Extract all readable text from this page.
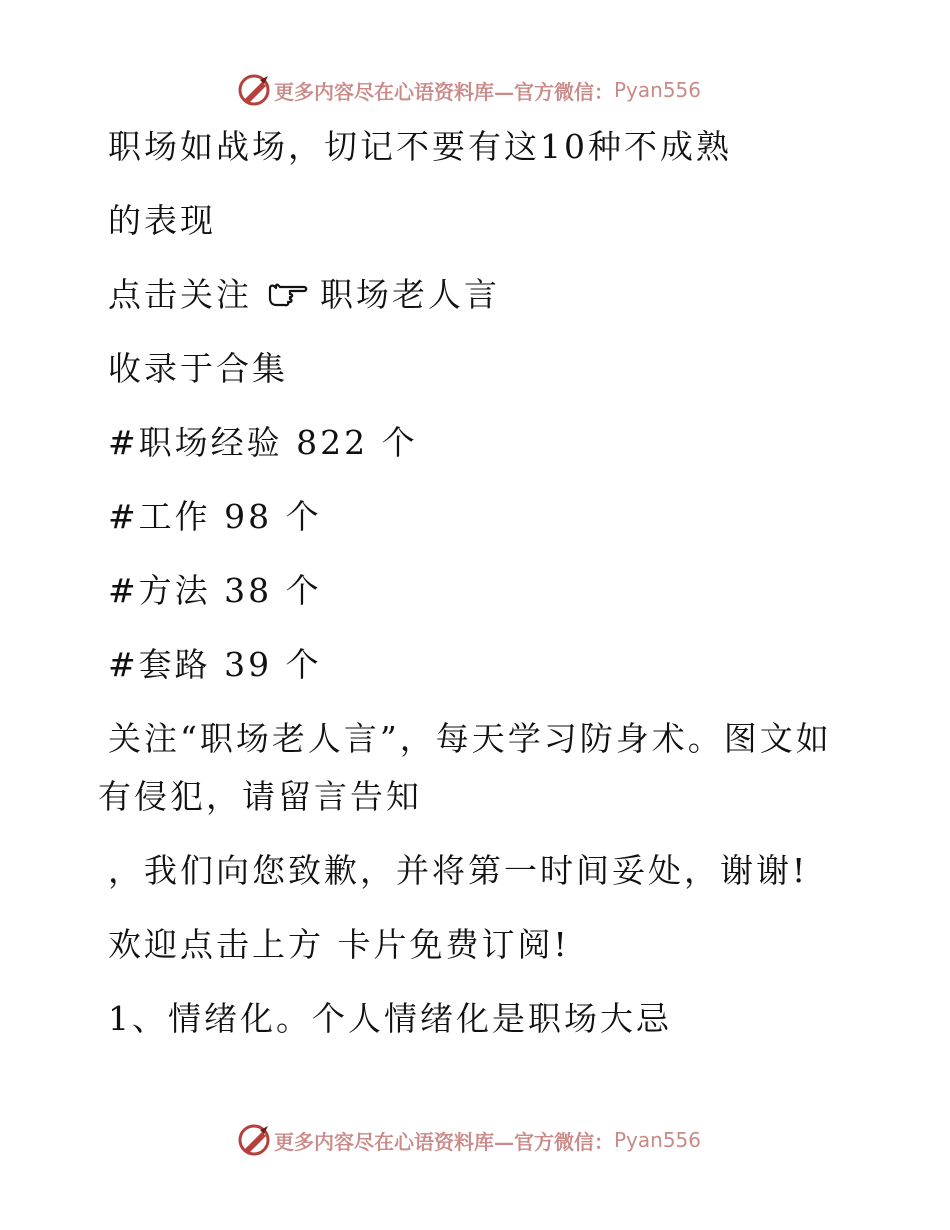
更多内容尽在心语资料库—官方微信： Pyan556
职场如战场，切记不要有这10种不成熟
的表现
点击关注 职场老人言
收录于合集
#职场经验 822 个
#工作 98 个
#方法 38 个
#套路 39 个
关注“职场老人言”，每天学习防身术。图文如
有侵犯，请留言告知
，我们向您致歉，并将第一时间妥处，谢谢!
欢迎点击上方 卡片免费订阅!
1、情绪化。个人情绪化是职场大忌
更多内容尽在心语资料库—官方微信： Pyan556
